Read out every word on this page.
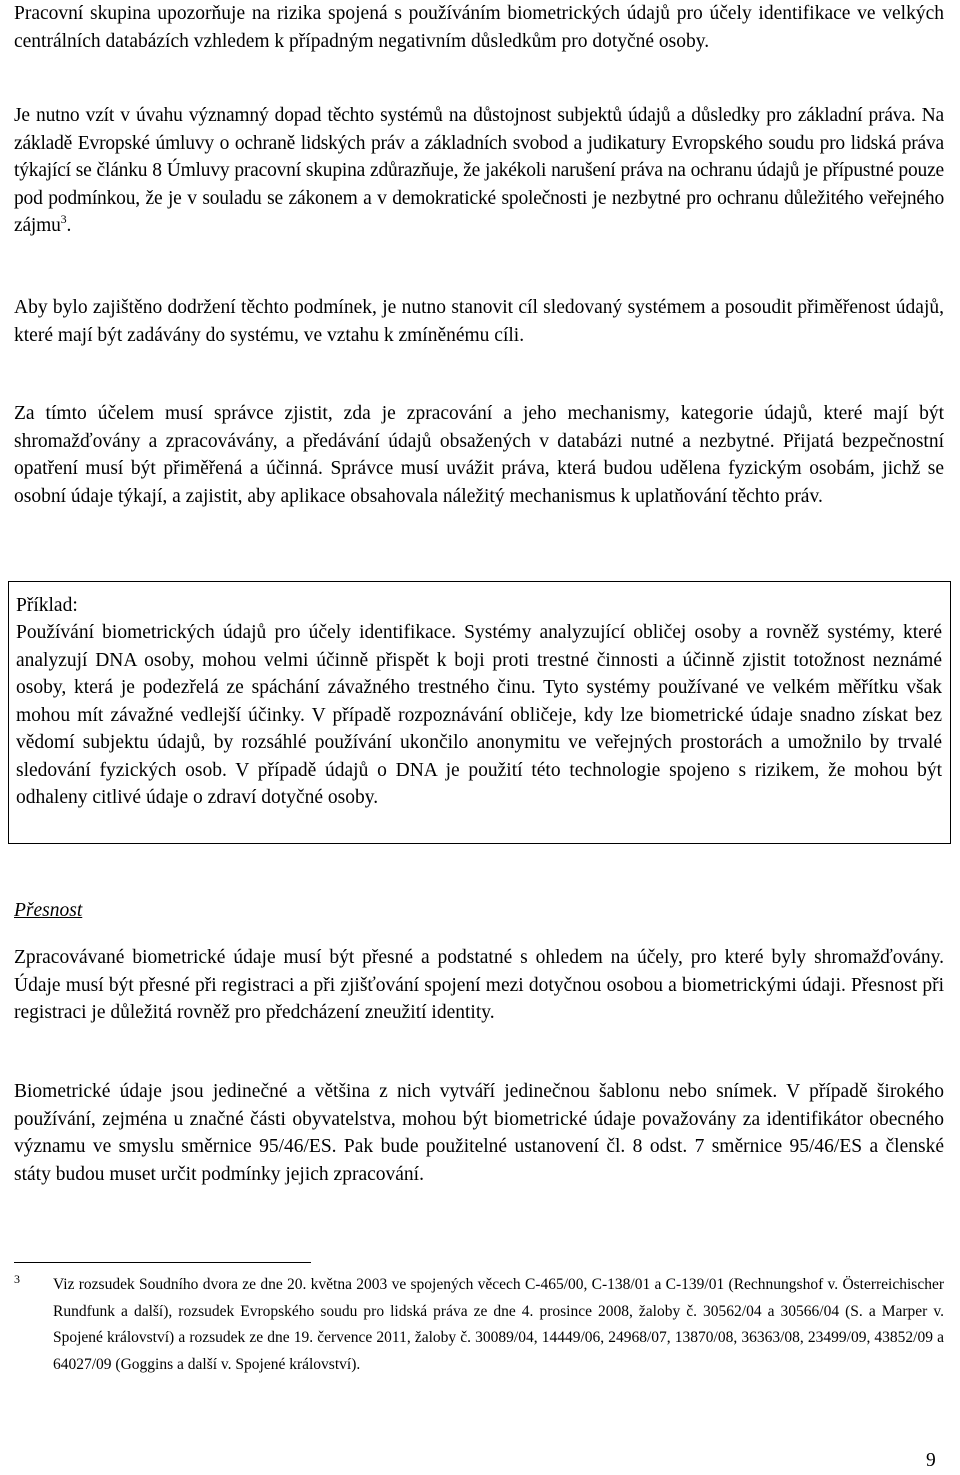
Pracovní skupina upozorňuje na rizika spojená s používáním biometrických údajů pro účely identifikace ve velkých centrálních databázích vzhledem k případným negativním důsledkům pro dotyčné osoby.

Je nutno vzít v úvahu významný dopad těchto systémů na důstojnost subjektů údajů a důsledky pro základní práva. Na základě Evropské úmluvy o ochraně lidských práv a základních svobod a judikatury Evropského soudu pro lidská práva týkající se článku 8 Úmluvy pracovní skupina zdůrazňuje, že jakékoli narušení práva na ochranu údajů je přípustné pouze pod podmínkou, že je v souladu se zákonem a v demokratické společnosti je nezbytné pro ochranu důležitého veřejného zájmu$^3$.

Aby bylo zajištěno dodržení těchto podmínek, je nutno stanovit cíl sledovaný systémem a posoudit přiměřenost údajů, které mají být zadávány do systému, ve vztahu k zmíněnému cíli.

Za tímto účelem musí správce zjistit, zda je zpracování a jeho mechanismy, kategorie údajů, které mají být shromažďovány a zpracovávány, a předávání údajů obsažených v databázi nutné a nezbytné. Přijatá bezpečnostní opatření musí být přiměřená a účinná. Správce musí uvážit práva, která budou udělena fyzickým osobám, jichž se osobní údaje týkají, a zajistit, aby aplikace obsahovala náležitý mechanismus k uplatňování těchto práv.

Příklad:
Používání biometrických údajů pro účely identifikace. Systémy analyzující obličej osoby a rovněž systémy, které analyzují DNA osoby, mohou velmi účinně přispět k boji proti trestné činnosti a účinně zjistit totožnost neznámé osoby, která je podezřelá ze spáchání závažného trestného činu. Tyto systémy používané ve velkém měřítku však mohou mít závažné vedlejší účinky. V případě rozpoznávání obličeje, kdy lze biometrické údaje snadno získat bez vědomí subjektu údajů, by rozsáhlé používání ukončilo anonymitu ve veřejných prostorách a umožnilo by trvalé sledování fyzických osob. V případě údajů o DNA je použití této technologie spojeno s rizikem, že mohou být odhaleny citlivé údaje o zdraví dotyčné osoby.
Přesnost

Zpracovávané biometrické údaje musí být přesné a podstatné s ohledem na účely, pro které byly shromažďovány. Údaje musí být přesné při registraci a při zjišťování spojení mezi dotyčnou osobou a biometrickými údaji. Přesnost při registraci je důležitá rovněž pro předcházení zneužití identity.

Biometrické údaje jsou jedinečné a většina z nich vytváří jedinečnou šablonu nebo snímek. V případě širokého používání, zejména u značné části obyvatelstva, mohou být biometrické údaje považovány za identifikátor obecného významu ve smyslu směrnice 95/46/ES. Pak bude použitelné ustanovení čl. 8 odst. 7 směrnice 95/46/ES a členské státy budou muset určit podmínky jejich zpracování.

3 Viz rozsudek Soudního dvora ze dne 20. května 2003 ve spojených věcech C-465/00, C-138/01 a C-139/01 (Rechnungshof v. Österreichischer Rundfunk a další), rozsudek Evropského soudu pro lidská práva ze dne 4. prosince 2008, žaloby č. 30562/04 a 30566/04 (S. a Marper v. Spojené království) a rozsudek ze dne 19. července 2011, žaloby č. 30089/04, 14449/06, 24968/07, 13870/08, 36363/08, 23499/09, 43852/09 a 64027/09 (Goggins a další v. Spojené království).
9
